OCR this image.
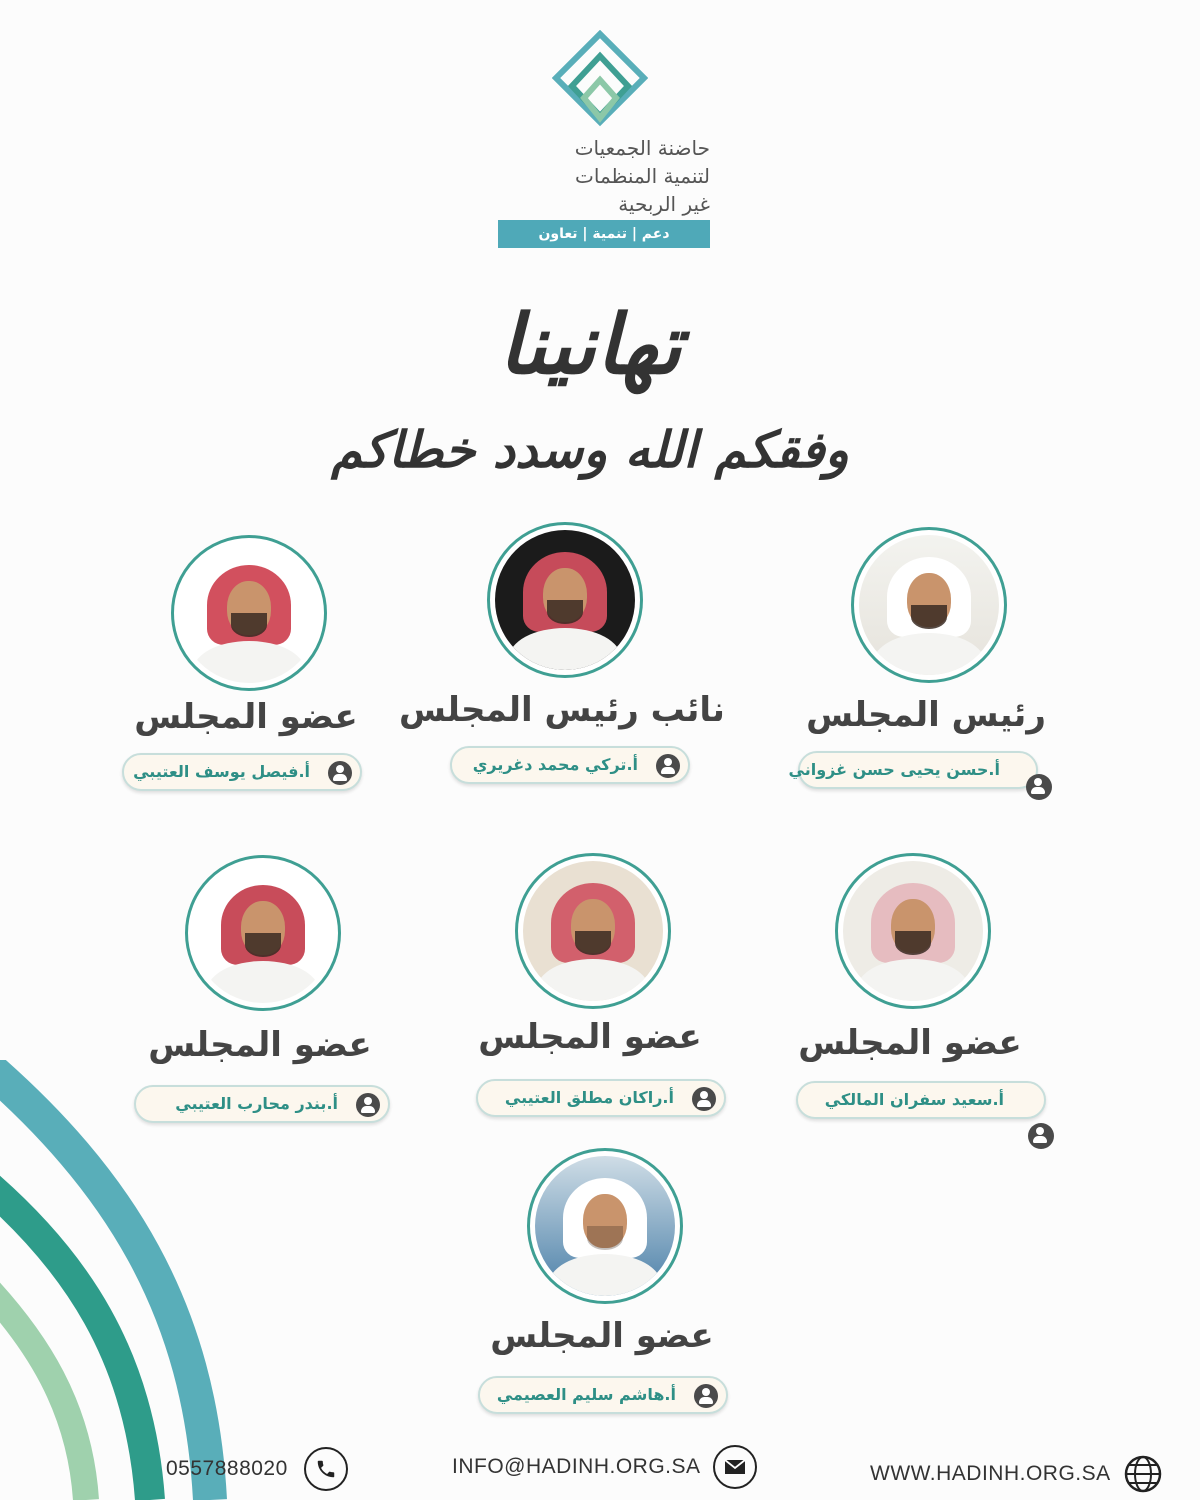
حاضنة الجمعيات
لتنمية المنظمات
غير الربحية
دعم | تنمية | تعاون
تهانينا
وفقكم الله وسدد خطاكم
رئيس المجلس
أ.حسن يحيى حسن غزواني
نائب رئيس المجلس
أ.تركي محمد دغريري
عضو المجلس
أ.فيصل يوسف العتيبي
عضو المجلس
أ.سعيد سفران المالكي
عضو المجلس
أ.راكان مطلق العتيبي
عضو المجلس
أ.بندر محارب العتيبي
عضو المجلس
أ.هاشم سليم العصيمي
0557888020	INFO@HADINH.ORG.SA	WWW.HADINH.ORG.SA
